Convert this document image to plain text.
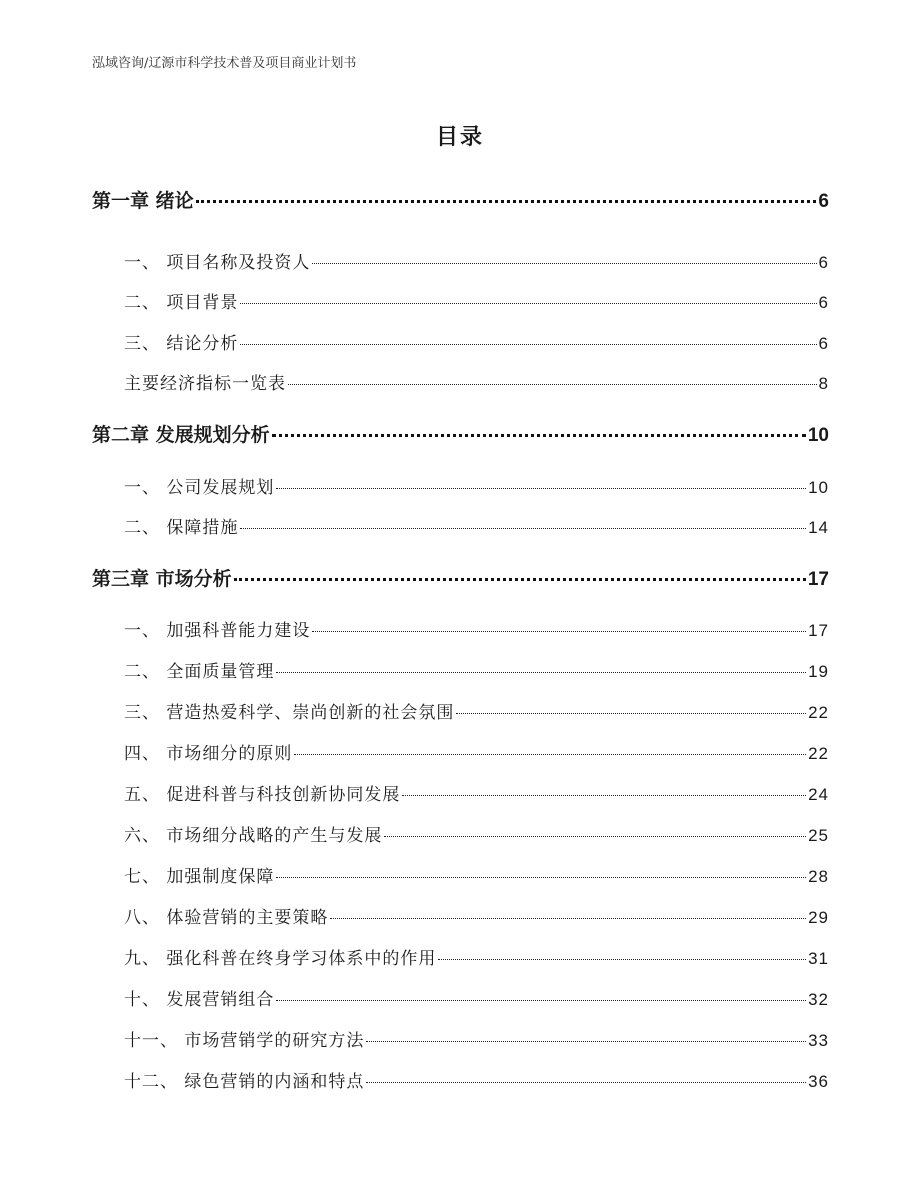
泓域咨询/辽源市科学技术普及项目商业计划书
目录
第一章 绪论	6
一、 项目名称及投资人	6
二、 项目背景	6
三、 结论分析	6
主要经济指标一览表	8
第二章 发展规划分析	10
一、 公司发展规划	10
二、 保障措施	14
第三章 市场分析	17
一、 加强科普能力建设	17
二、 全面质量管理	19
三、 营造热爱科学、崇尚创新的社会氛围	22
四、 市场细分的原则	22
五、 促进科普与科技创新协同发展	24
六、 市场细分战略的产生与发展	25
七、 加强制度保障	28
八、 体验营销的主要策略	29
九、 强化科普在终身学习体系中的作用	31
十、 发展营销组合	32
十一、 市场营销学的研究方法	33
十二、 绿色营销的内涵和特点	36
